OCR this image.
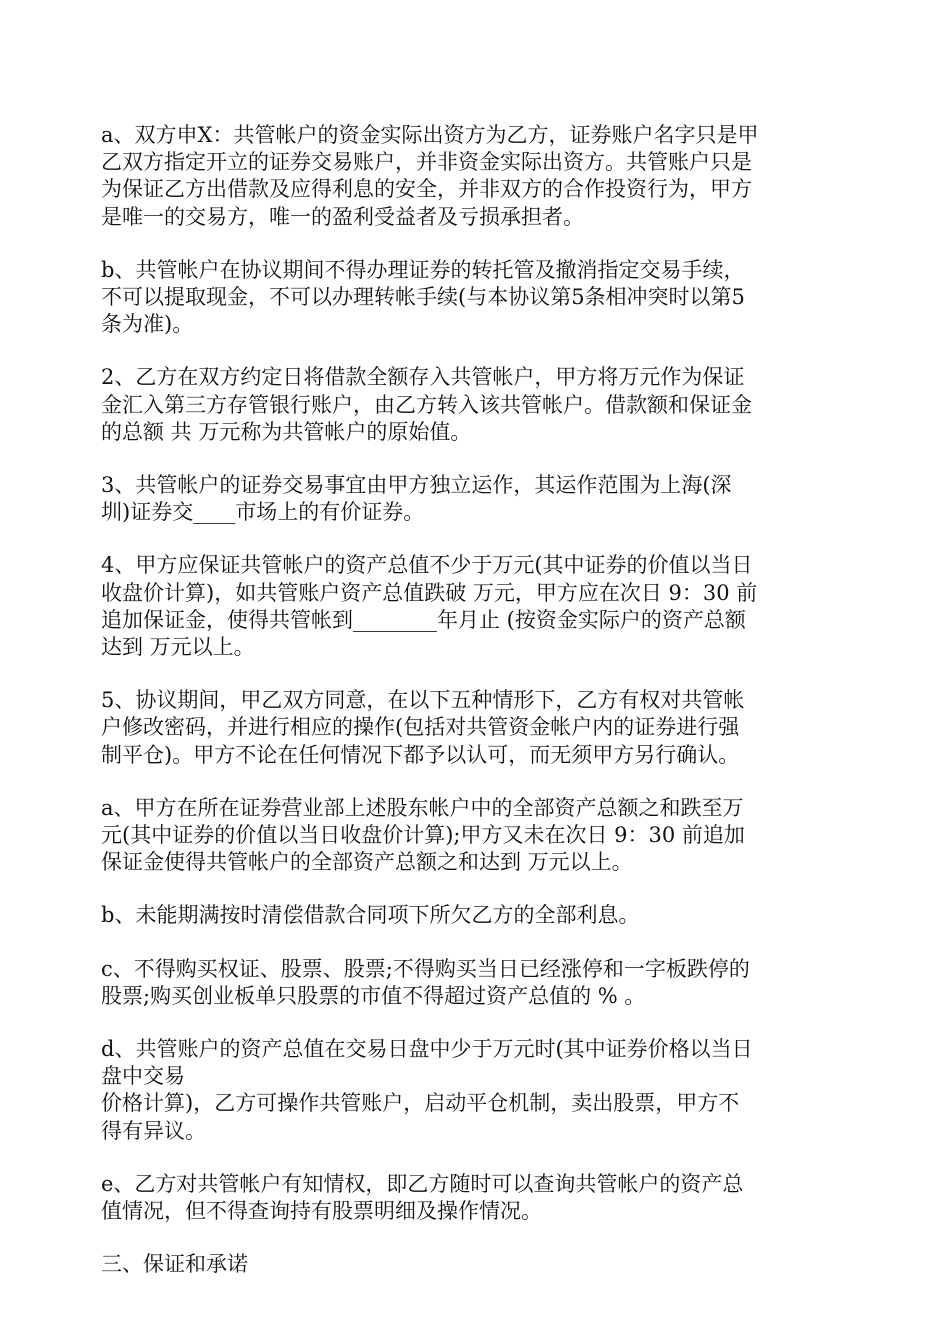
a、双方申X：共管帐户的资金实际出资方为乙方，证券账户名字只是甲
乙双方指定开立的证券交易账户，并非资金实际出资方。共管账户只是
为保证乙方出借款及应得利息的安全，并非双方的合作投资行为，甲方
是唯一的交易方，唯一的盈利受益者及亏损承担者。

b、共管帐户在协议期间不得办理证券的转托管及撤消指定交易手续，
不可以提取现金，不可以办理转帐手续(与本协议第5条相冲突时以第5
条为准)。

2、乙方在双方约定日将借款全额存入共管帐户，甲方将万元作为保证
金汇入第三方存管银行账户，由乙方转入该共管帐户。借款额和保证金
的总额 共 万元称为共管帐户的原始值。

3、共管帐户的证券交易事宜由甲方独立运作，其运作范围为上海(深
圳)证券交____市场上的有价证券。

4、甲方应保证共管帐户的资产总值不少于万元(其中证券的价值以当日
收盘价计算)，如共管账户资产总值跌破 万元，甲方应在次日 9：30 前
追加保证金，使得共管帐到________年月止 (按资金实际户的资产总额
达到 万元以上。

5、协议期间，甲乙双方同意，在以下五种情形下，乙方有权对共管帐
户修改密码，并进行相应的操作(包括对共管资金帐户内的证券进行强
制平仓)。甲方不论在任何情况下都予以认可，而无须甲方另行确认。

a、甲方在所在证券营业部上述股东帐户中的全部资产总额之和跌至万
元(其中证券的价值以当日收盘价计算);甲方又未在次日 9：30 前追加
保证金使得共管帐户的全部资产总额之和达到 万元以上。

b、未能期满按时清偿借款合同项下所欠乙方的全部利息。

c、不得购买权证、股票、股票;不得购买当日已经涨停和一字板跌停的
股票;购买创业板单只股票的市值不得超过资产总值的 % 。

d、共管账户的资产总值在交易日盘中少于万元时(其中证券价格以当日
盘中交易
价格计算)，乙方可操作共管账户，启动平仓机制，卖出股票，甲方不
得有异议。

e、乙方对共管帐户有知情权，即乙方随时可以查询共管帐户的资产总
值情况，但不得查询持有股票明细及操作情况。

三、保证和承诺
